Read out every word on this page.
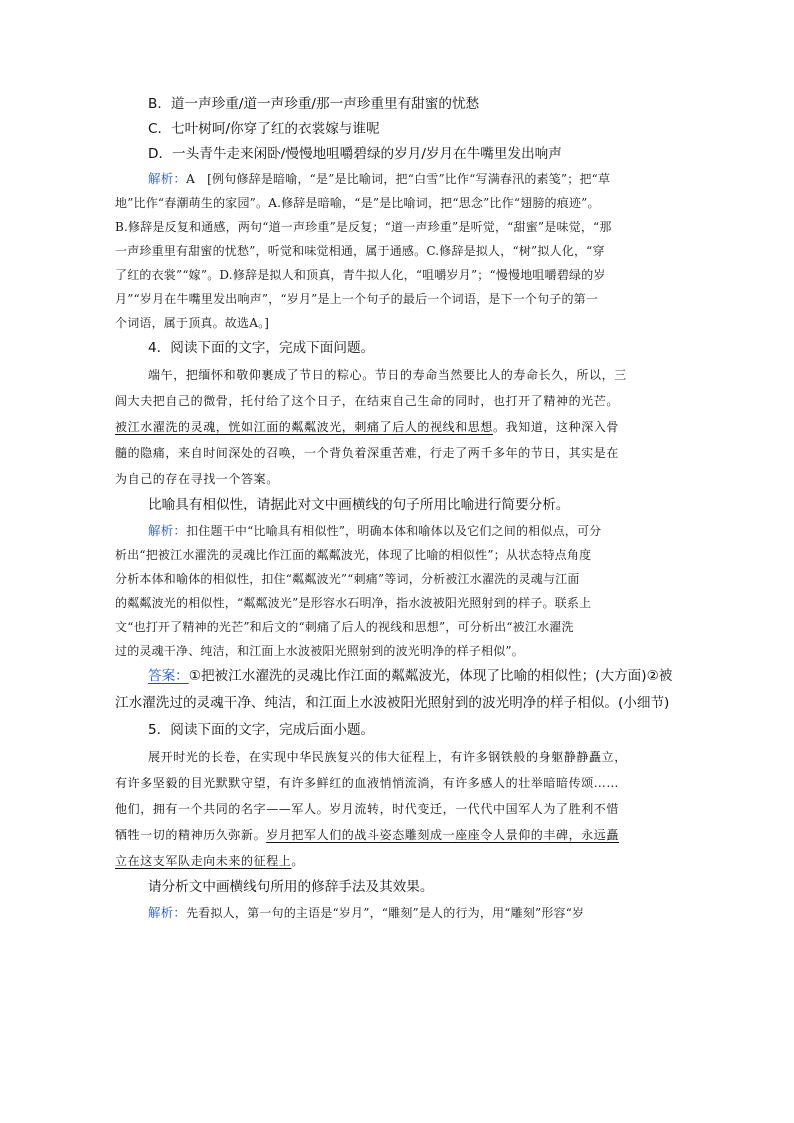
B．道一声珍重/道一声珍重/那一声珍重里有甜蜜的忧愁
C．七叶树呵/你穿了红的衣裳嫁与谁呢
D．一头青牛走来闲卧/慢慢地咀嚼碧绿的岁月/岁月在牛嘴里发出响声
解析：A　[例句修辞是暗喻，“是”是比喻词，把“白雪”比作“写满春汛的素笺”；把“草
地”比作“春潮萌生的家园”。A.修辞是暗喻，“是”是比喻词，把“思念”比作“翅膀的痕迹”。
B.修辞是反复和通感，两句“道一声珍重”是反复；“道一声珍重”是听觉，“甜蜜”是味觉，“那
一声珍重里有甜蜜的忧愁”，听觉和味觉相通，属于通感。C.修辞是拟人，“树”拟人化，“穿
了红的衣裳”“嫁”。D.修辞是拟人和顶真，青牛拟人化，“咀嚼岁月”；“慢慢地咀嚼碧绿的岁
月”“岁月在牛嘴里发出响声”，“岁月”是上一个句子的最后一个词语，是下一个句子的第一
个词语，属于顶真。故选A。]
4．阅读下面的文字，完成下面问题。
端午，把缅怀和敬仰裹成了节日的粽心。节日的寿命当然要比人的寿命长久，所以，三
闾大夫把自己的微骨，托付给了这个日子，在结束自己生命的同时，也打开了精神的光芒。
被江水濯洗的灵魂，恍如江面的粼粼波光，刺痛了后人的视线和思想。我知道，这种深入骨
髓的隐痛，来自时间深处的召唤，一个背负着深重苦难，行走了两千多年的节日，其实是在
为自己的存在寻找一个答案。
比喻具有相似性，请据此对文中画横线的句子所用比喻进行简要分析。
解析：扣住题干中“比喻具有相似性”，明确本体和喻体以及它们之间的相似点，可分
析出“把被江水濯洗的灵魂比作江面的粼粼波光，体现了比喻的相似性”；从状态特点角度
分析本体和喻体的相似性，扣住“粼粼波光”“刺痛”等词，分析被江水濯洗的灵魂与江面
的粼粼波光的相似性，“粼粼波光”是形容水石明净，指水波被阳光照射到的样子。联系上
文“也打开了精神的光芒”和后文的“刺痛了后人的视线和思想”，可分析出“被江水濯洗
过的灵魂干净、纯洁，和江面上水波被阳光照射到的波光明净的样子相似”。
答案：①把被江水濯洗的灵魂比作江面的粼粼波光，体现了比喻的相似性；(大方面)②被江水濯洗过的灵魂干净、纯洁，和江面上水波被阳光照射到的波光明净的样子相似。(小细节)
5．阅读下面的文字，完成后面小题。
展开时光的长卷，在实现中华民族复兴的伟大征程上，有许多钢铁般的身躯静静矗立，
有许多坚毅的目光默默守望，有许多鲜红的血液悄悄流淌，有许多感人的壮举暗暗传颂……
他们，拥有一个共同的名字——军人。岁月流转，时代变迁，一代代中国军人为了胜利不惜
牺牲一切的精神历久弥新。岁月把军人们的战斗姿态雕刻成一座座令人景仰的丰碑，永远矗
立在这支军队走向未来的征程上。
请分析文中画横线句所用的修辞手法及其效果。
解析：先看拟人，第一句的主语是“岁月”，“雕刻”是人的行为，用“雕刻”形容“岁
